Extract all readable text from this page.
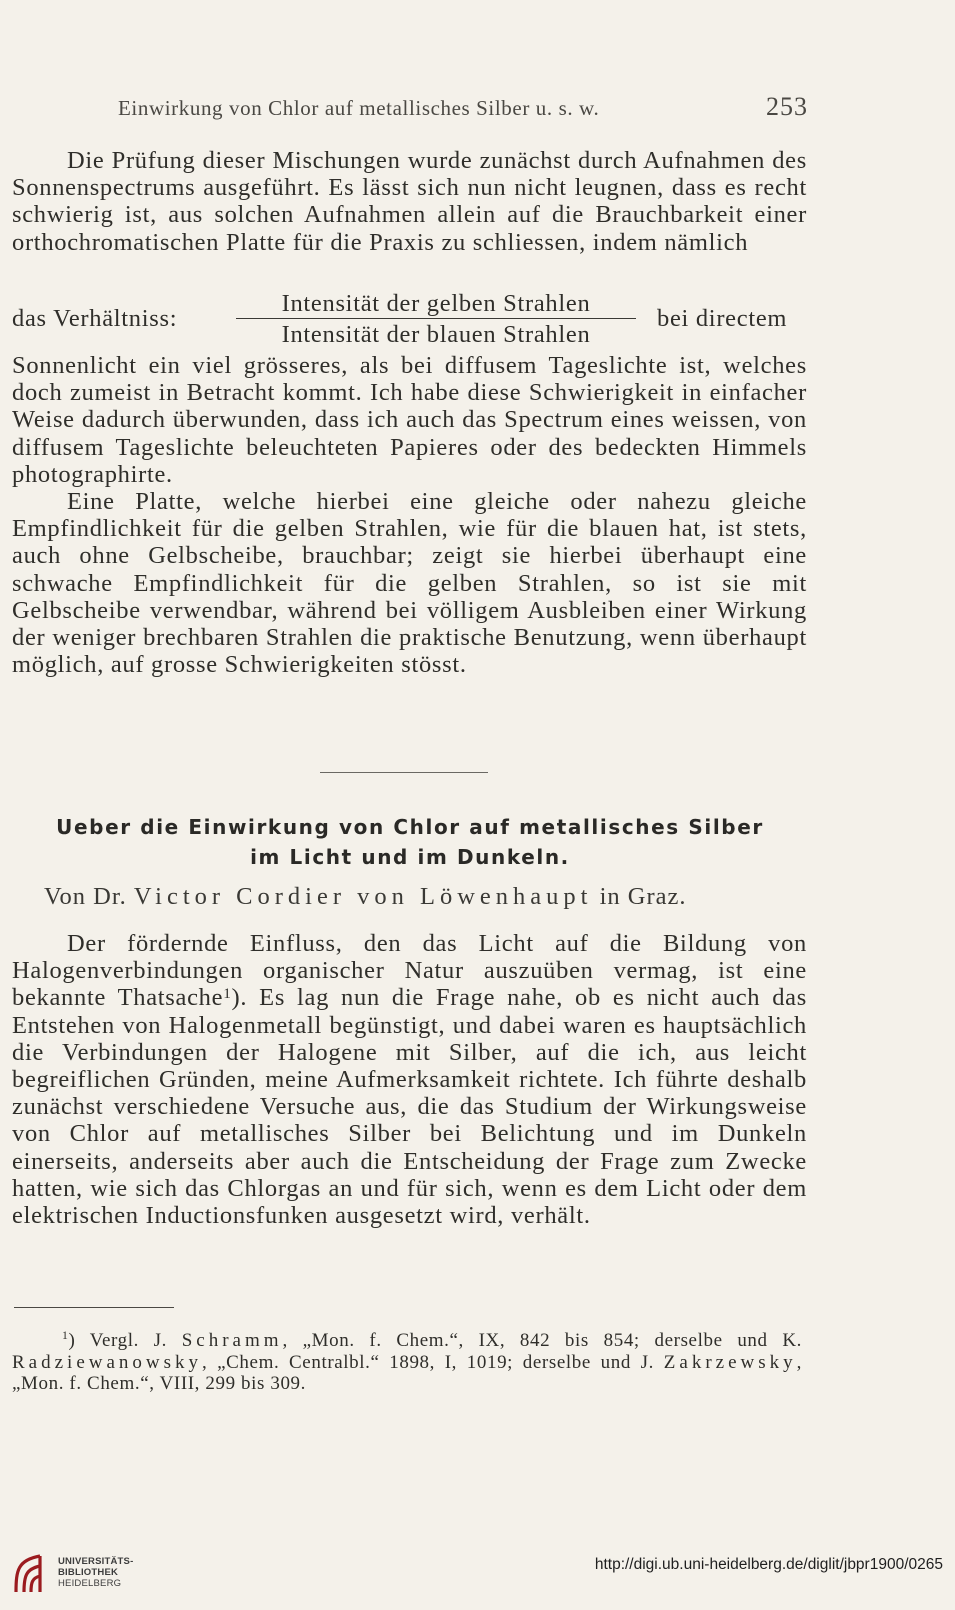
Einwirkung von Chlor auf metallisches Silber u. s. w.	253

Die Prüfung dieser Mischungen wurde zunächst durch Aufnahmen des Sonnenspectrums ausgeführt. Es lässt sich nun nicht leugnen, dass es recht schwierig ist, aus solchen Aufnahmen allein auf die Brauchbarkeit einer orthochromatischen Platte für die Praxis zu schliessen, indem nämlich

das Verhältniss:
Intensität der gelben Strahlen
Intensität der blauen Strahlen
bei directem

Sonnenlicht ein viel grösseres, als bei diffusem Tageslichte ist, welches doch zumeist in Betracht kommt. Ich habe diese Schwierigkeit in einfacher Weise dadurch überwunden, dass ich auch das Spectrum eines weissen, von diffusem Tageslichte beleuchteten Papieres oder des bedeckten Himmels photographirte.

Eine Platte, welche hierbei eine gleiche oder nahezu gleiche Empfindlichkeit für die gelben Strahlen, wie für die blauen hat, ist stets, auch ohne Gelbscheibe, brauchbar; zeigt sie hierbei überhaupt eine schwache Empfindlichkeit für die gelben Strahlen, so ist sie mit Gelbscheibe verwendbar, während bei völligem Ausbleiben einer Wirkung der weniger brechbaren Strahlen die praktische Benutzung, wenn überhaupt möglich, auf grosse Schwierigkeiten stösst.

Ueber die Einwirkung von Chlor auf metallisches Silber
im Licht und im Dunkeln.
Von Dr. Victor Cordier von Löwenhaupt in Graz.

Der fördernde Einfluss, den das Licht auf die Bildung von Halogenverbindungen organischer Natur auszuüben vermag, ist eine bekannte Thatsache$^1$). Es lag nun die Frage nahe, ob es nicht auch das Entstehen von Halogenmetall begünstigt, und dabei waren es hauptsächlich die Verbindungen der Halogene mit Silber, auf die ich, aus leicht begreiflichen Gründen, meine Aufmerksamkeit richtete. Ich führte deshalb zunächst verschiedene Versuche aus, die das Studium der Wirkungsweise von Chlor auf metallisches Silber bei Belichtung und im Dunkeln einerseits, anderseits aber auch die Entscheidung der Frage zum Zwecke hatten, wie sich das Chlorgas an und für sich, wenn es dem Licht oder dem elektrischen Inductionsfunken ausgesetzt wird, verhält.

$^1$) Vergl. J. Schramm, „Mon. f. Chem.“, IX, 842 bis 854; derselbe und K. Radziewanowsky, „Chem. Centralbl.“ 1898, I, 1019; derselbe und J. Zakrzewsky, „Mon. f. Chem.“, VIII, 299 bis 309.

UNIVERSITÄTS-
BIBLIOTHEK
HEIDELBERG
http://digi.ub.uni-heidelberg.de/diglit/jbpr1900/0265
